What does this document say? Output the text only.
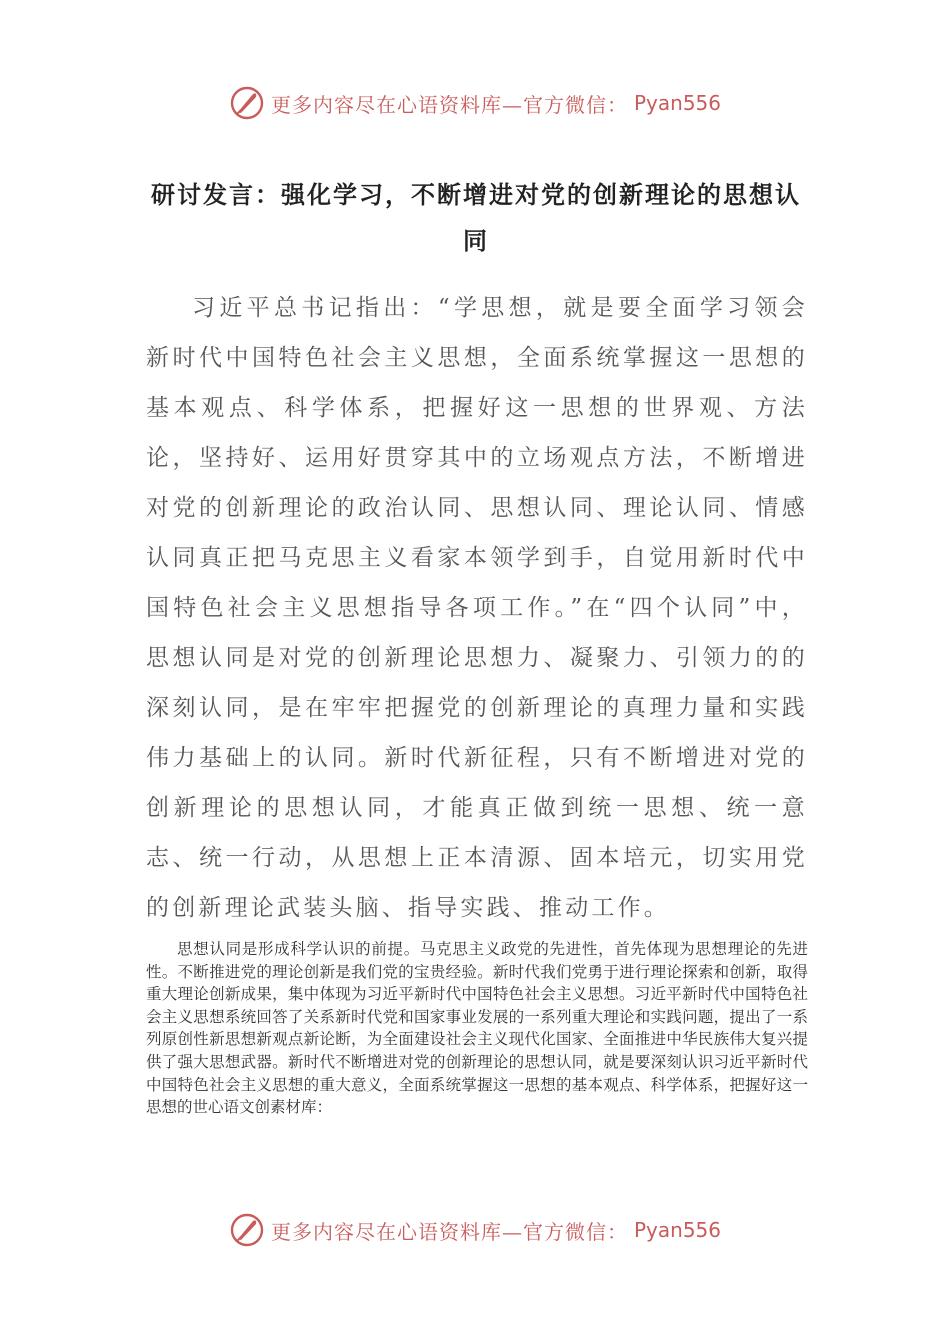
更多内容尽在心语资料库—官方微信： Pyan556
研讨发言：强化学习，不断增进对党的创新理论的思想认同

习近平总书记指出：“学思想，就是要全面学习领会新时代中国特色社会主义思想，全面系统掌握这一思想的基本观点、科学体系，把握好这一思想的世界观、方法论，坚持好、运用好贯穿其中的立场观点方法，不断增进对党的创新理论的政治认同、思想认同、理论认同、情感认同真正把马克思主义看家本领学到手，自觉用新时代中国特色社会主义思想指导各项工作。”在“四个认同”中，思想认同是对党的创新理论思想力、凝聚力、引领力的的深刻认同，是在牢牢把握党的创新理论的真理力量和实践伟力基础上的认同。新时代新征程，只有不断增进对党的创新理论的思想认同，才能真正做到统一思想、统一意志、统一行动，从思想上正本清源、固本培元，切实用党的创新理论武装头脑、指导实践、推动工作。

思想认同是形成科学认识的前提。马克思主义政党的先进性，首先体现为思想理论的先进性。不断推进党的理论创新是我们党的宝贵经验。新时代我们党勇于进行理论探索和创新，取得重大理论创新成果，集中体现为习近平新时代中国特色社会主义思想。习近平新时代中国特色社会主义思想系统回答了关系新时代党和国家事业发展的一系列重大理论和实践问题，提出了一系列原创性新思想新观点新论断，为全面建设社会主义现代化国家、全面推进中华民族伟大复兴提供了强大思想武器。新时代不断增进对党的创新理论的思想认同，就是要深刻认识习近平新时代中国特色社会主义思想的重大意义，全面系统掌握这一思想的基本观点、科学体系，把握好这一思想的世心语文创素材库：

更多内容尽在心语资料库—官方微信： Pyan556
